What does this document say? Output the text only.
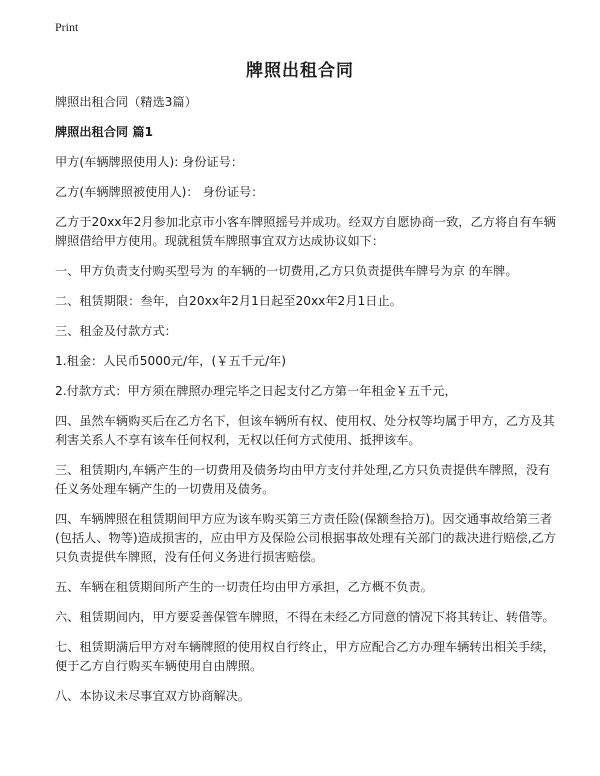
Print
牌照出租合同

牌照出租合同（精选3篇）

牌照出租合同 篇1

甲方(车辆牌照使用人): 身份证号：

乙方(车辆牌照被使用人)： 身份证号：

乙方于20xx年2月参加北京市小客车牌照摇号并成功。经双方自愿协商一致，乙方将自有车辆牌照借给甲方使用。现就租赁车牌照事宜双方达成协议如下：

一、甲方负责支付购买型号为 的车辆的一切费用,乙方只负责提供车牌号为京 的车牌。

二、租赁期限：叁年，自20xx年2月1日起至20xx年2月1日止。

三、租金及付款方式：

1.租金：人民币5000元/年，(￥五千元/年)

2.付款方式：甲方须在牌照办理完毕之日起支付乙方第一年租金￥五千元，

四、虽然车辆购买后在乙方名下，但该车辆所有权、使用权、处分权等均属于甲方，乙方及其利害关系人不享有该车任何权利，无权以任何方式使用、抵押该车。

三、租赁期内,车辆产生的一切费用及债务均由甲方支付并处理,乙方只负责提供车牌照，没有任义务处理车辆产生的一切费用及债务。

四、车辆牌照在租赁期间甲方应为该车购买第三方责任险(保额叁拾万)。因交通事故给第三者(包括人、物等)造成损害的，应由甲方及保险公司根据事故处理有关部门的裁决进行赔偿,乙方只负责提供车牌照，没有任何义务进行损害赔偿。

五、车辆在租赁期间所产生的一切责任均由甲方承担，乙方概不负责。

六、租赁期间内，甲方要妥善保管车牌照，不得在未经乙方同意的情况下将其转让、转借等。

七、租赁期满后甲方对车辆牌照的使用权自行终止，甲方应配合乙方办理车辆转出相关手续，便于乙方自行购买车辆使用自由牌照。

八、本协议未尽事宜双方协商解决。
